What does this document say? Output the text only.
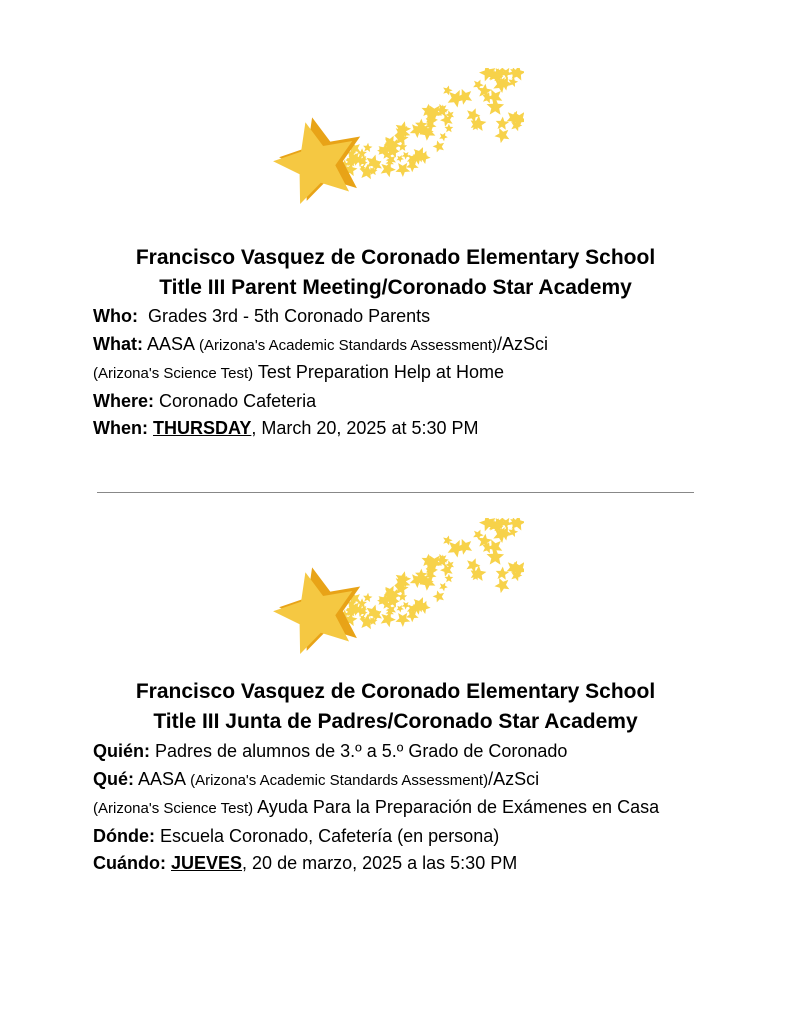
Francisco Vasquez de Coronado Elementary School
Title III Parent Meeting/Coronado Star Academy
Who: Grades 3rd - 5th Coronado Parents
What: AASA (Arizona's Academic Standards Assessment)/AzSci
(Arizona's Science Test) Test Preparation Help at Home
Where: Coronado Cafeteria
When: THURSDAY, March 20, 2025 at 5:30 PM
Francisco Vasquez de Coronado Elementary School
Title III Junta de Padres/Coronado Star Academy
Quién: Padres de alumnos de 3.º a 5.º Grado de Coronado
Qué: AASA (Arizona's Academic Standards Assessment)/AzSci
(Arizona's Science Test) Ayuda Para la Preparación de Exámenes en Casa
Dónde: Escuela Coronado, Cafetería (en persona)
Cuándo: JUEVES, 20 de marzo, 2025 a las 5:30 PM
